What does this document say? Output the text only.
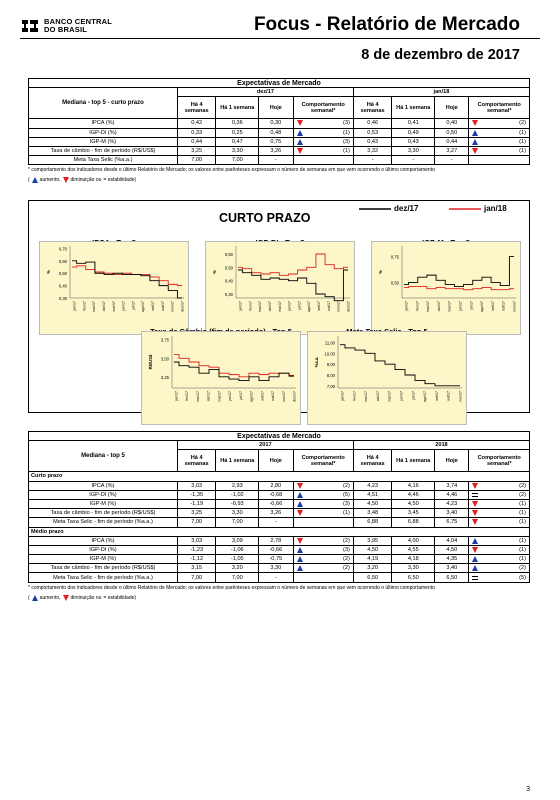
BANCO CENTRAL
DO BRASIL	Focus - Relatório de Mercado
8 de dezembro de 2017
Expectativas de Mercado								
Mediana - top 5 - curto prazo	dez/17				jan/18			
	Há 4 semanas	Há 1 semana	Hoje	Comportamento semanal*	Há 4 semanas	Há 1 semana	Hoje	Comportamento semanal*
IPCA (%)	0,42	0,36	0,30	(3)	0,46	0,41	0,40	(2)

IGP-DI (%)	0,33	0,25	0,48	(1)	0,53	0,49	0,50	(1)

IGP-M (%)	0,44	0,47	0,75	(3)	0,43	0,43	0,44	(1)

Taxa de câmbio - fim de período (R$/US$)	3,25	3,30	3,26	(1)	3,32	3,30	3,27	(1)

Meta Taxa Selic (%a.a.)	7,00	7,00	-		-	-	-	
* comportamento dos indicadores desde o último Relatório de Mercado; os valores entre parênteses expressam o número de semanas em que vem ocorrendo o último comportamento
( aumento, diminuição ou = estabilidade)
CURTO PRAZO
dez/17	jan/18
0,70
0,60
0,50
0,40
0,30
%
jan/17 fev/17 mar/17 abr/17 mai/17 jun/17 jul/17 ago/17 set/17 out/17 nov/17 dez/17
0,60
0,50
0,40
0,30
%
jan/17 fev/17 mar/17 abr/17 mai/17 jun/17 jul/17 ago/17 set/17 out/17 nov/17 dez/17
0,75
0,50
%
jan/17 fev/17 mar/17 abr/17 mai/17 jun/17 jul/17 ago/17 set/17 out/17 nov/17
3,75
3,50
3,25
R$/US$
jan/17 fev/17 mar/17 abr/17 mai/17 jun/17 jul/17 ago/17 set/17 out/17 nov/17 dez/17
11,00
10,00
9,00
8,00
7,00
%a.a.
jan/17 fev/17 mar/17 abr/17 mai/17 jun/17 jul/17 ago/17 set/17 out/17 nov/17
Expectativas de Mercado								
Mediana - top 5	2017				2018			
	Há 4 semanas	Há 1 semana	Hoje	Comportamento semanal*	Há 4 semanas	Há 1 semana	Hoje	Comportamento semanal*
Curto prazo								
IPCA (%)	3,03	2,93	2,80	(2)	4,23	4,16	3,74	(2)

IGP-DI (%)	-1,35	-1,02	-0,68	(5)	4,51	4,46	4,46	(2)

IGP-M (%)	-1,19	-0,93	-0,66	(3)	4,50	4,50	4,23	(1)

Taxa de câmbio - fim de período (R$/US$)	3,25	3,30	3,26	(1)	3,48	3,45	3,40	(1)

Meta Taxa Selic - fim de período (%a.a.)	7,00	7,00	-		6,88	6,88	6,75	(1)

Médio prazo								
IPCA (%)	3,03	3,09	2,78	(2)	3,95	4,00	4,04	(1)

IGP-DI (%)	-1,23	-1,06	-0,66	(3)	4,50	4,55	4,50	(1)

IGP-M (%)	-1,12	-1,05	-0,75	(2)	4,19	4,18	4,35	(1)

Taxa de câmbio - fim de período (R$/US$)	3,15	3,20	3,30	(2)	3,20	3,30	3,40	(2)

Meta Taxa Selic - fim de período (%a.a.)	7,00	7,00	-		6,50	6,50	6,50	(5)
* comportamento dos indicadores desde o último Relatório de Mercado; os valores entre parênteses expressam o número de semanas em que vem ocorrendo o último comportamento
( aumento, diminuição ou = estabilidade)
3
